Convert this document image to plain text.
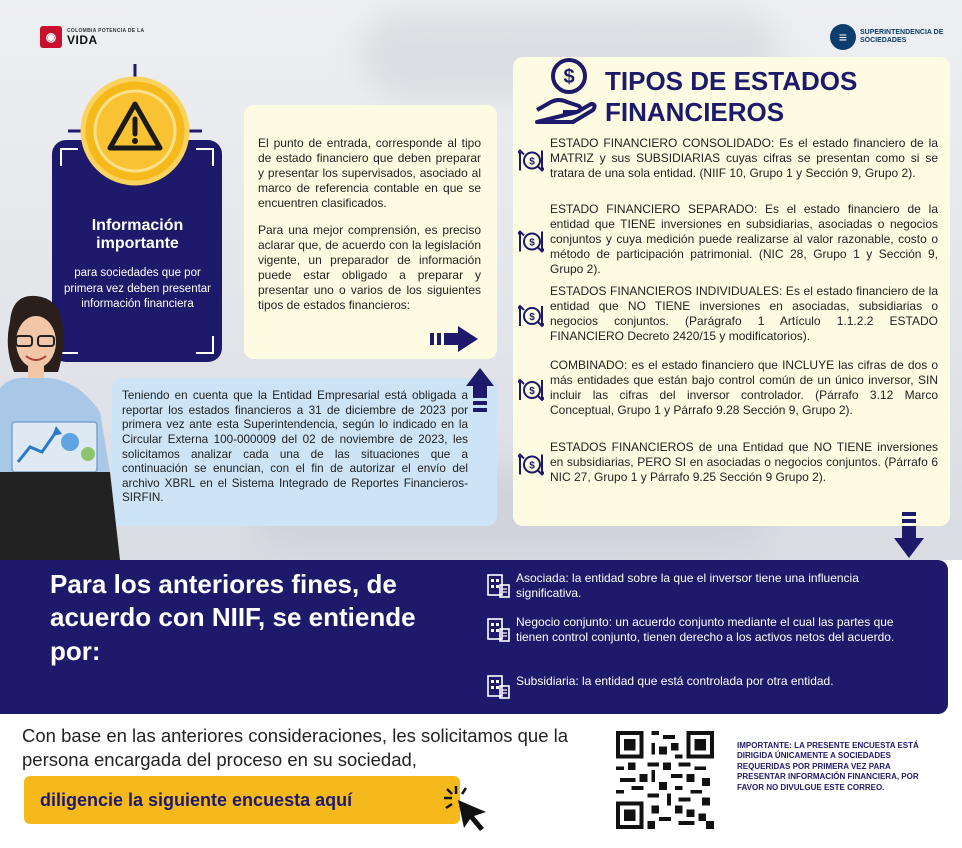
◉	COLOMBIA POTENCIA DE LA
VIDA	≡	SUPERINTENDENCIA DE SOCIEDADES
Información importante
para sociedades que por primera vez deben presentar información financiera

El punto de entrada, corresponde al tipo de estado financiero que deben preparar y presentar los supervisados, asociado al marco de referencia contable en que se encuentren clasificados.

Para una mejor comprensión, es preciso aclarar que, de acuerdo con la legislación vigente, un preparador de información puede estar obligado a preparar y presentar uno o varios de los siguientes tipos de estados financieros:

Teniendo en cuenta que la Entidad Empresarial está obligada a reportar los estados financieros a 31 de diciembre de 2023 por primera vez ante esta Superintendencia, según lo indicado en la Circular Externa 100-000009 del 02 de noviembre de 2023, les solicitamos analizar cada una de las situaciones que a continuación se enuncian, con el fin de autorizar el envío del archivo XBRL en el Sistema Integrado de Reportes Financieros- SIRFIN.
$ TIPOS DE ESTADOS FINANCIEROS
$
ESTADO FINANCIERO CONSOLIDADO: Es el estado financiero de la MATRIZ y sus SUBSIDIARIAS cuyas cifras se presentan como si se tratara de una sola entidad. (NIIF 10, Grupo 1 y Sección 9, Grupo 2).
$
ESTADO FINANCIERO SEPARADO: Es el estado financiero de la entidad que TIENE inversiones en subsidiarias, asociadas o negocios conjuntos y cuya medición puede realizarse al valor razonable, costo o método de participación patrimonial. (NIC 28, Grupo 1 y Sección 9, Grupo 2).
$
ESTADOS FINANCIEROS INDIVIDUALES: Es el estado financiero de la entidad que NO TIENE inversiones en asociadas, subsidiarias o negocios conjuntos. (Parágrafo 1 Artículo 1.1.2.2 ESTADO FINANCIERO Decreto 2420/15 y modificatorios).
$
COMBINADO: es el estado financiero que INCLUYE las cifras de dos o más entidades que están bajo control común de un único inversor, SIN incluir las cifras del inversor controlador. (Párrafo 3.12 Marco Conceptual, Grupo 1 y Párrafo 9.28 Sección 9, Grupo 2).
$
ESTADOS FINANCIEROS de una Entidad que NO TIENE inversiones en subsidiarias, PERO SI en asociadas o negocios conjuntos. (Párrafo 6 NIC 27, Grupo 1 y Párrafo 9.25 Sección 9 Grupo 2).
Para los anteriores fines, de acuerdo con NIIF, se entiende por:
Asociada: la entidad sobre la que el inversor tiene una influencia significativa.
Negocio conjunto: un acuerdo conjunto mediante el cual las partes que tienen control conjunto, tienen derecho a los activos netos del acuerdo.
Subsidiaria: la entidad que está controlada por otra entidad.
Con base en las anteriores consideraciones, les solicitamos que la persona encargada del proceso en su sociedad,
diligencie la siguiente encuesta aquí
IMPORTANTE: LA PRESENTE ENCUESTA ESTÁ DIRIGIDA ÚNICAMENTE A SOCIEDADES REQUERIDAS POR PRIMERA VEZ PARA PRESENTAR INFORMACIÓN FINANCIERA, POR FAVOR NO DIVULGUE ESTE CORREO.
